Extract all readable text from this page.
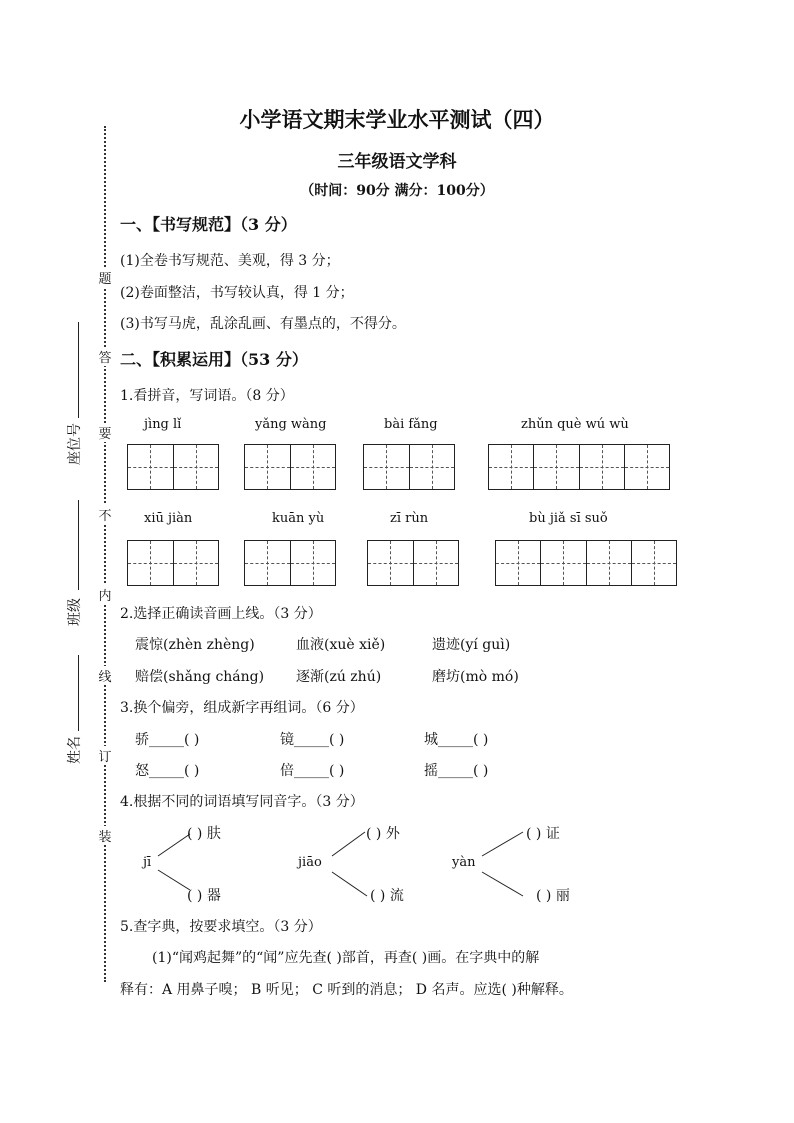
小学语文期末学业水平测试（四）
三年级语文学科
（时间：90分 满分：100分）
题
答
要
不
内
线
订
装
座位号
班级
姓名
一、【书写规范】（3 分）
(1)全卷书写规范、美观，得 3 分；
(2)卷面整洁，书写较认真，得 1 分；
(3)书写马虎，乱涂乱画、有墨点的，不得分。
二、【积累运用】（53 分）
1.看拼音，写词语。（8 分）
jìng lǐ	yǎng wàng	bài fǎng	zhǔn què wú wù
xiū jiàn	kuān yù	zī rùn	bù jiǎ sī suǒ
2.选择正确读音画上线。（3 分）
震惊(zhèn zhèng)	血液(xuè xiě)	遗迹(yí guì)
赔偿(shǎng cháng) 逐渐(zú zhú)	磨坊(mò mó)
3.换个偏旁，组成新字再组词。（6 分）
骄_____( )	镜_____( )	城_____( )
怒_____( )	倍_____( )	摇_____( )
4.根据不同的词语填写同音字。（3 分）
jī
( ) 肤
( ) 器
jiāo
( ) 外
( ) 流
yàn
( ) 证
( ) 丽
5.查字典，按要求填空。（3 分）
(1)“闻鸡起舞”的“闻”应先查( )部首，再查( )画。在字典中的解
释有：A 用鼻子嗅； B 听见； C 听到的消息； D 名声。应选( )种解释。
